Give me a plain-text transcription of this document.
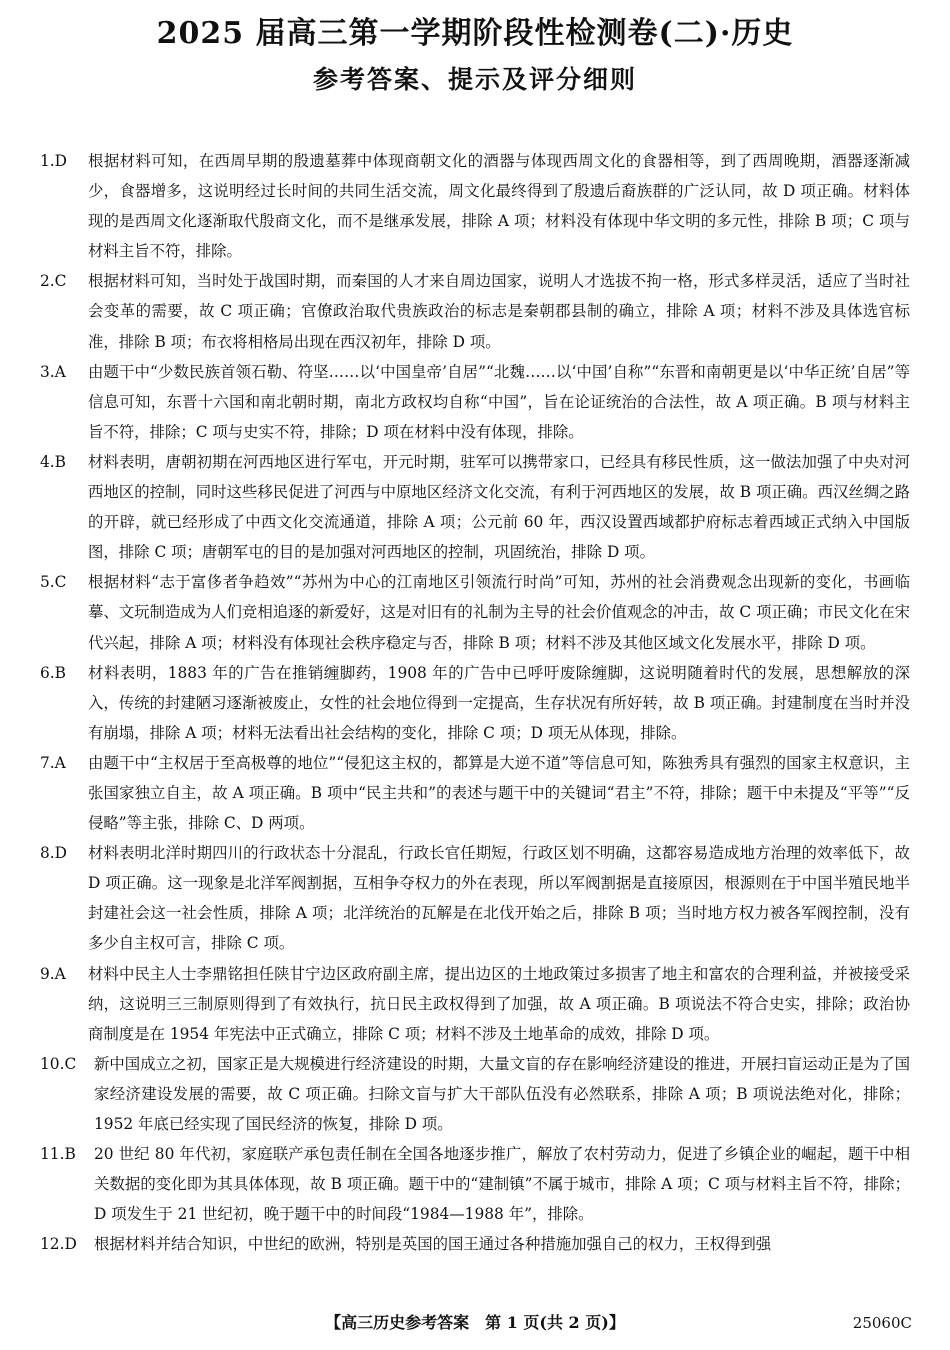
2025 届高三第一学期阶段性检测卷(二)·历史
参考答案、提示及评分细则
1.D 根据材料可知，在西周早期的殷遗墓葬中体现商朝文化的酒器与体现西周文化的食器相等，到了西周晚期，酒器逐渐减少，食器增多，这说明经过长时间的共同生活交流，周文化最终得到了殷遗后裔族群的广泛认同，故 D 项正确。材料体现的是西周文化逐渐取代殷商文化，而不是继承发展，排除 A 项；材料没有体现中华文明的多元性，排除 B 项；C 项与材料主旨不符，排除。
2.C 根据材料可知，当时处于战国时期，而秦国的人才来自周边国家，说明人才选拔不拘一格，形式多样灵活，适应了当时社会变革的需要，故 C 项正确；官僚政治取代贵族政治的标志是秦朝郡县制的确立，排除 A 项；材料不涉及具体选官标准，排除 B 项；布衣将相格局出现在西汉初年，排除 D 项。
3.A 由题干中“少数民族首领石勒、符坚……以‘中国皇帝’自居”“北魏……以‘中国’自称”“东晋和南朝更是以‘中华正统’自居”等信息可知，东晋十六国和南北朝时期，南北方政权均自称“中国”，旨在论证统治的合法性，故 A 项正确。B 项与材料主旨不符，排除；C 项与史实不符，排除；D 项在材料中没有体现，排除。
4.B 材料表明，唐朝初期在河西地区进行军屯，开元时期，驻军可以携带家口，已经具有移民性质，这一做法加强了中央对河西地区的控制，同时这些移民促进了河西与中原地区经济文化交流，有利于河西地区的发展，故 B 项正确。西汉丝绸之路的开辟，就已经形成了中西文化交流通道，排除 A 项；公元前 60 年，西汉设置西域都护府标志着西域正式纳入中国版图，排除 C 项；唐朝军屯的目的是加强对河西地区的控制，巩固统治，排除 D 项。
5.C 根据材料“志于富侈者争趋效”“苏州为中心的江南地区引领流行时尚”可知，苏州的社会消费观念出现新的变化，书画临摹、文玩制造成为人们竞相追逐的新爱好，这是对旧有的礼制为主导的社会价值观念的冲击，故 C 项正确；市民文化在宋代兴起，排除 A 项；材料没有体现社会秩序稳定与否，排除 B 项；材料不涉及其他区域文化发展水平，排除 D 项。
6.B 材料表明，1883 年的广告在推销缠脚药，1908 年的广告中已呼吁废除缠脚，这说明随着时代的发展，思想解放的深入，传统的封建陋习逐渐被废止，女性的社会地位得到一定提高，生存状况有所好转，故 B 项正确。封建制度在当时并没有崩塌，排除 A 项；材料无法看出社会结构的变化，排除 C 项；D 项无从体现，排除。
7.A 由题干中“主权居于至高极尊的地位”“侵犯这主权的，都算是大逆不道”等信息可知，陈独秀具有强烈的国家主权意识，主张国家独立自主，故 A 项正确。B 项中“民主共和”的表述与题干中的关键词“君主”不符，排除；题干中未提及“平等”“反侵略”等主张，排除 C、D 两项。
8.D 材料表明北洋时期四川的行政状态十分混乱，行政长官任期短，行政区划不明确，这都容易造成地方治理的效率低下，故 D 项正确。这一现象是北洋军阀割据，互相争夺权力的外在表现，所以军阀割据是直接原因，根源则在于中国半殖民地半封建社会这一社会性质，排除 A 项；北洋统治的瓦解是在北伐开始之后，排除 B 项；当时地方权力被各军阀控制，没有多少自主权可言，排除 C 项。
9.A 材料中民主人士李鼎铭担任陕甘宁边区政府副主席，提出边区的土地政策过多损害了地主和富农的合理利益，并被接受采纳，这说明三三制原则得到了有效执行，抗日民主政权得到了加强，故 A 项正确。B 项说法不符合史实，排除；政治协商制度是在 1954 年宪法中正式确立，排除 C 项；材料不涉及土地革命的成效，排除 D 项。
10.C 新中国成立之初，国家正是大规模进行经济建设的时期，大量文盲的存在影响经济建设的推进，开展扫盲运动正是为了国家经济建设发展的需要，故 C 项正确。扫除文盲与扩大干部队伍没有必然联系，排除 A 项；B 项说法绝对化，排除；1952 年底已经实现了国民经济的恢复，排除 D 项。
11.B 20 世纪 80 年代初，家庭联产承包责任制在全国各地逐步推广，解放了农村劳动力，促进了乡镇企业的崛起，题干中相关数据的变化即为其具体体现，故 B 项正确。题干中的“建制镇”不属于城市，排除 A 项；C 项与材料主旨不符，排除；D 项发生于 21 世纪初，晚于题干中的时间段“1984—1988 年”，排除。
12.D 根据材料并结合知识，中世纪的欧洲，特别是英国的国王通过各种措施加强自己的权力，王权得到强
【高三历史参考答案　第 1 页(共 2 页)】	25060C
